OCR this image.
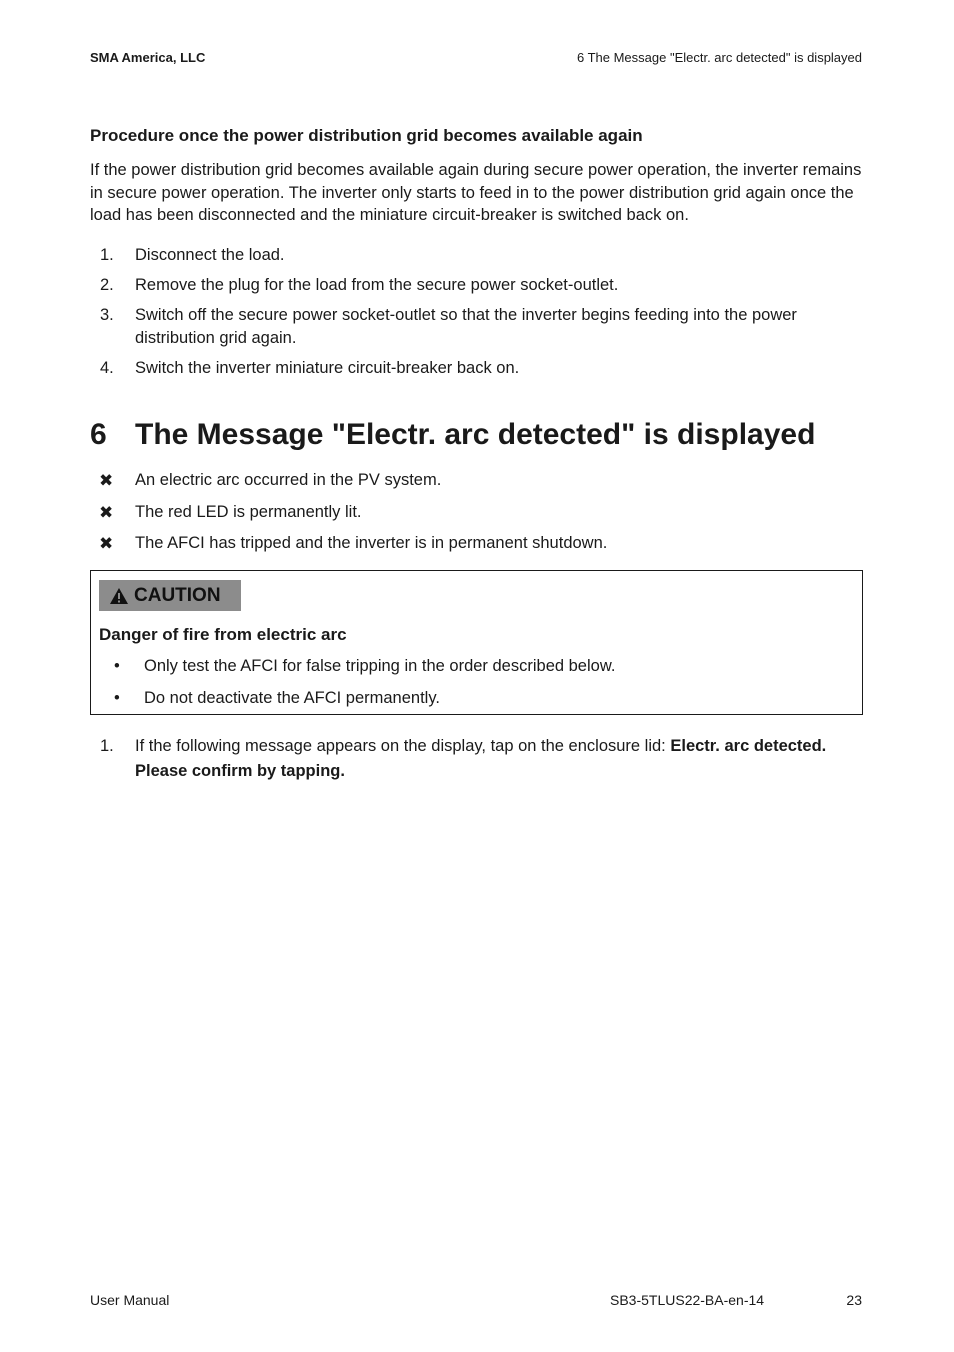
SMA America, LLC	6 The Message "Electr. arc detected" is displayed
Procedure once the power distribution grid becomes available again
If the power distribution grid becomes available again during secure power operation, the inverter remains in secure power operation. The inverter only starts to feed in to the power distribution grid again once the load has been disconnected and the miniature circuit-breaker is switched back on.
1.	Disconnect the load.
2.	Remove the plug for the load from the secure power socket-outlet.
3.	Switch off the secure power socket-outlet so that the inverter begins feeding into the power distribution grid again.
4.	Switch the inverter miniature circuit-breaker back on.
6 The Message "Electr. arc detected" is displayed
✖	An electric arc occurred in the PV system.
✖	The red LED is permanently lit.
✖	The AFCI has tripped and the inverter is in permanent shutdown.
CAUTION
Danger of fire from electric arc
•	Only test the AFCI for false tripping in the order described below.
•	Do not deactivate the AFCI permanently.
1.	If the following message appears on the display, tap on the enclosure lid: Electr. arc detected. Please confirm by tapping.
User Manual	SB3-5TLUS22-BA-en-14	23
